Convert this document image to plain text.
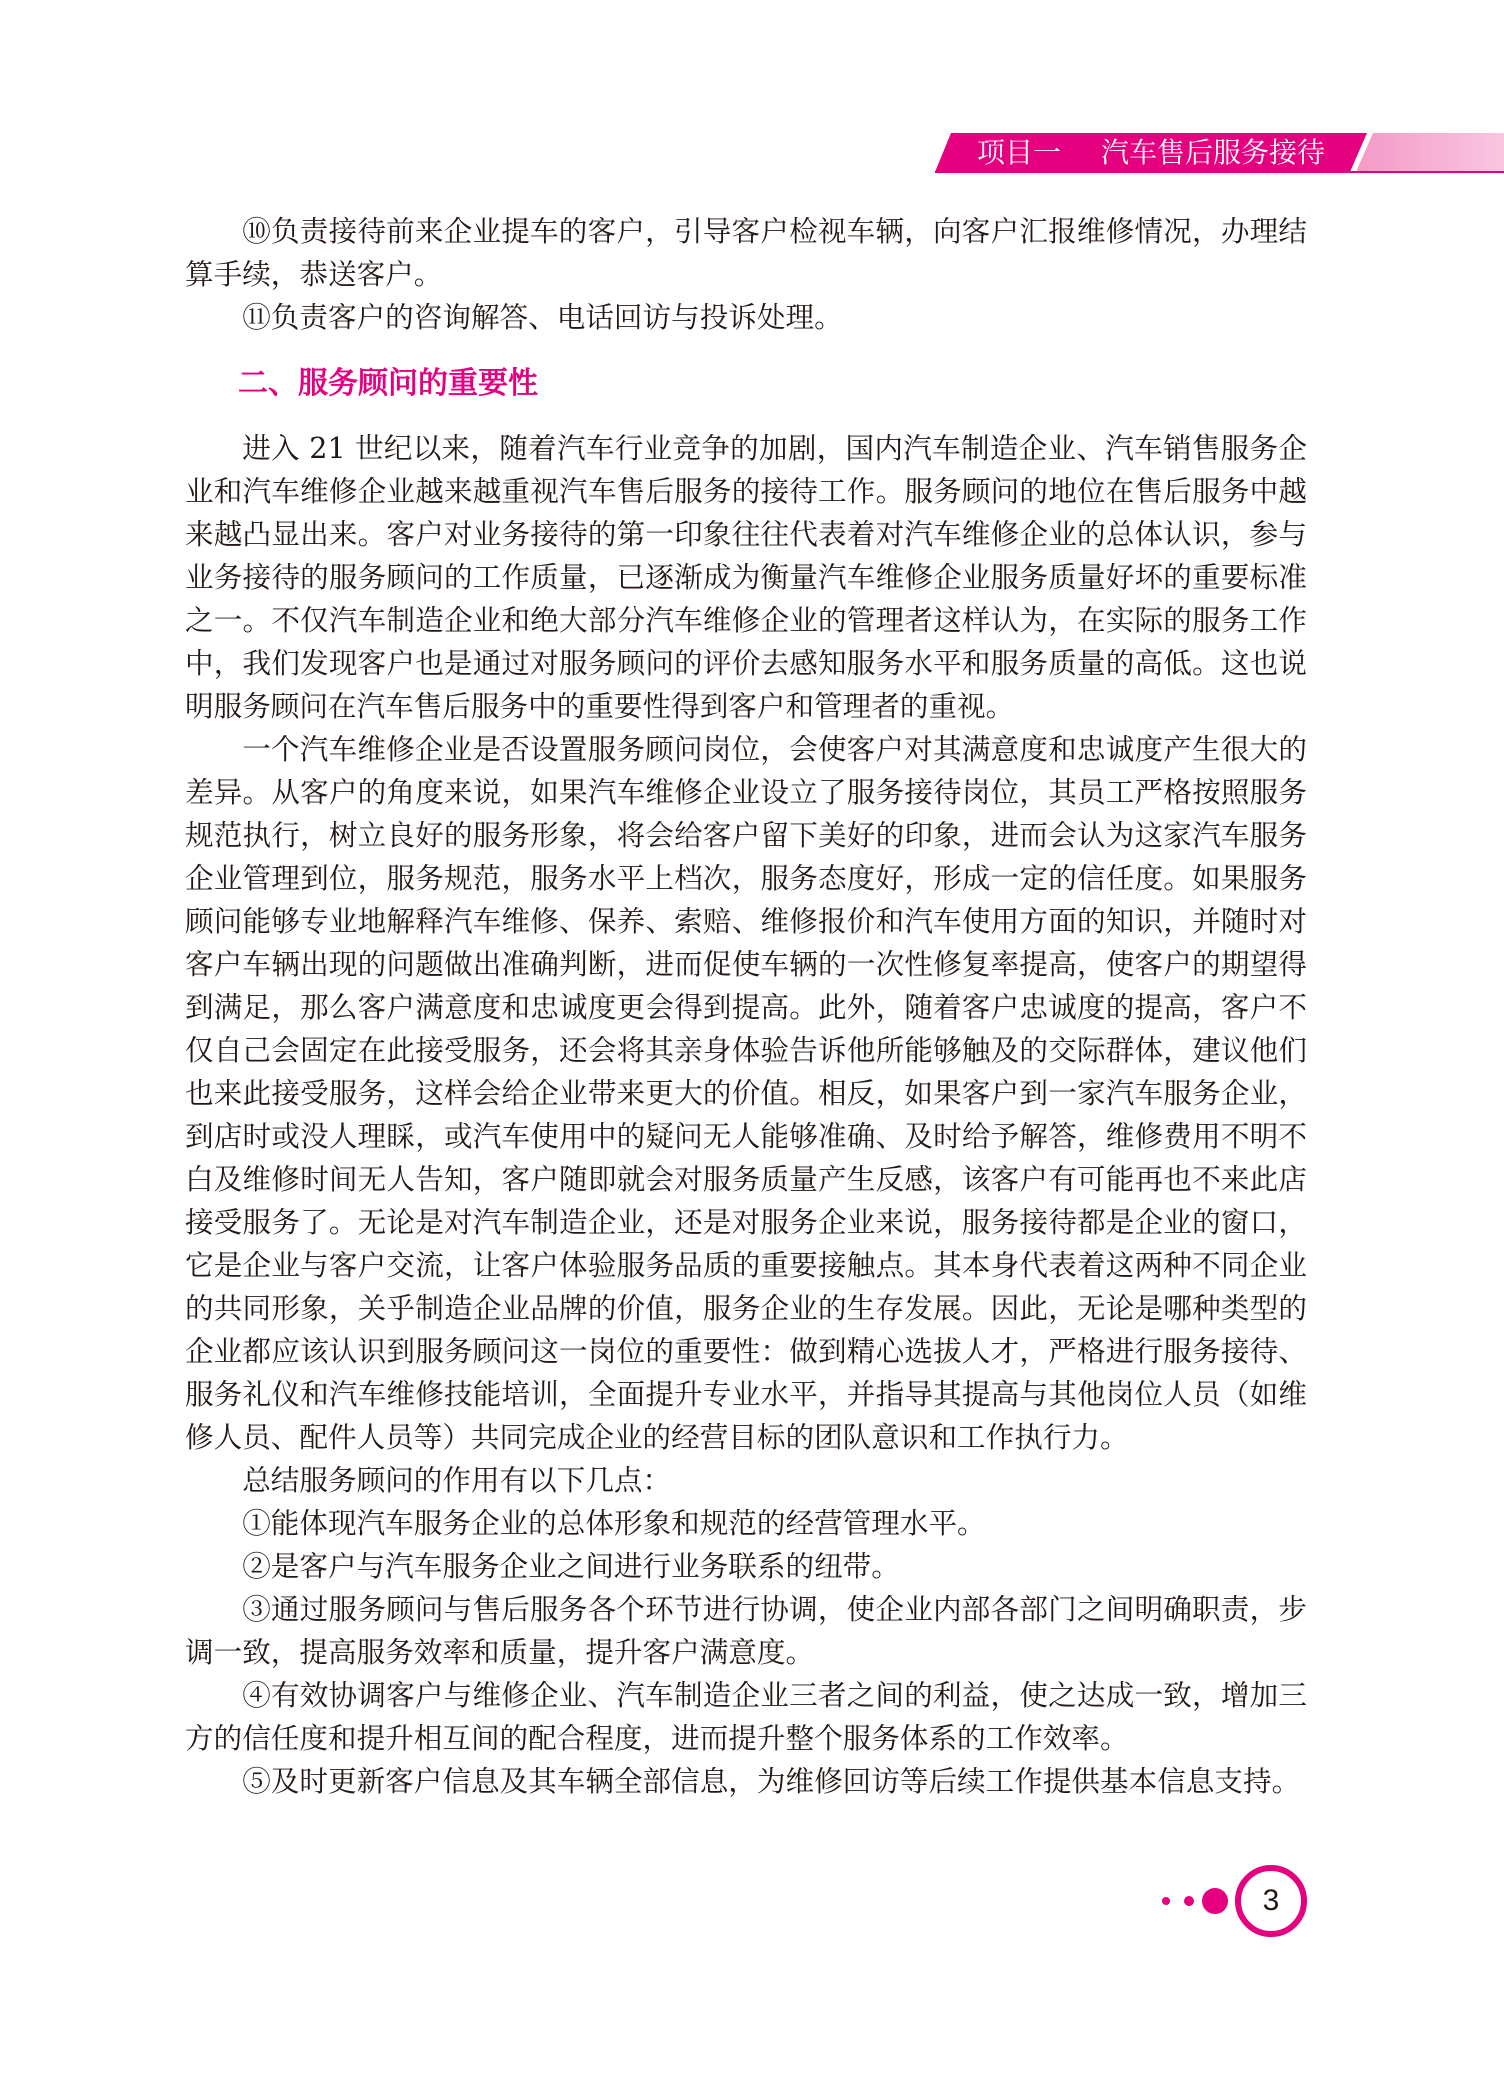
项目一 汽车售后服务接待

⑩负责接待前来企业提车的客户，引导客户检视车辆，向客户汇报维修情况，办理结算手续，恭送客户。

⑪负责客户的咨询解答、电话回访与投诉处理。

二、服务顾问的重要性

进入 21 世纪以来，随着汽车行业竞争的加剧，国内汽车制造企业、汽车销售服务企业和汽车维修企业越来越重视汽车售后服务的接待工作。服务顾问的地位在售后服务中越来越凸显出来。客户对业务接待的第一印象往往代表着对汽车维修企业的总体认识，参与业务接待的服务顾问的工作质量，已逐渐成为衡量汽车维修企业服务质量好坏的重要标准之一。不仅汽车制造企业和绝大部分汽车维修企业的管理者这样认为，在实际的服务工作中，我们发现客户也是通过对服务顾问的评价去感知服务水平和服务质量的高低。这也说明服务顾问在汽车售后服务中的重要性得到客户和管理者的重视。

一个汽车维修企业是否设置服务顾问岗位，会使客户对其满意度和忠诚度产生很大的差异。从客户的角度来说，如果汽车维修企业设立了服务接待岗位，其员工严格按照服务规范执行，树立良好的服务形象，将会给客户留下美好的印象，进而会认为这家汽车服务企业管理到位，服务规范，服务水平上档次，服务态度好，形成一定的信任度。如果服务顾问能够专业地解释汽车维修、保养、索赔、维修报价和汽车使用方面的知识，并随时对客户车辆出现的问题做出准确判断，进而促使车辆的一次性修复率提高，使客户的期望得到满足，那么客户满意度和忠诚度更会得到提高。此外，随着客户忠诚度的提高，客户不仅自己会固定在此接受服务，还会将其亲身体验告诉他所能够触及的交际群体，建议他们也来此接受服务，这样会给企业带来更大的价值。相反，如果客户到一家汽车服务企业，到店时或没人理睬，或汽车使用中的疑问无人能够准确、及时给予解答，维修费用不明不白及维修时间无人告知，客户随即就会对服务质量产生反感，该客户有可能再也不来此店接受服务了。无论是对汽车制造企业，还是对服务企业来说，服务接待都是企业的窗口，它是企业与客户交流，让客户体验服务品质的重要接触点。其本身代表着这两种不同企业的共同形象，关乎制造企业品牌的价值，服务企业的生存发展。因此，无论是哪种类型的企业都应该认识到服务顾问这一岗位的重要性：做到精心选拔人才，严格进行服务接待、服务礼仪和汽车维修技能培训，全面提升专业水平，并指导其提高与其他岗位人员（如维修人员、配件人员等）共同完成企业的经营目标的团队意识和工作执行力。

总结服务顾问的作用有以下几点：

①能体现汽车服务企业的总体形象和规范的经营管理水平。

②是客户与汽车服务企业之间进行业务联系的纽带。

③通过服务顾问与售后服务各个环节进行协调，使企业内部各部门之间明确职责，步调一致，提高服务效率和质量，提升客户满意度。

④有效协调客户与维修企业、汽车制造企业三者之间的利益，使之达成一致，增加三方的信任度和提升相互间的配合程度，进而提升整个服务体系的工作效率。

⑤及时更新客户信息及其车辆全部信息，为维修回访等后续工作提供基本信息支持。

3
